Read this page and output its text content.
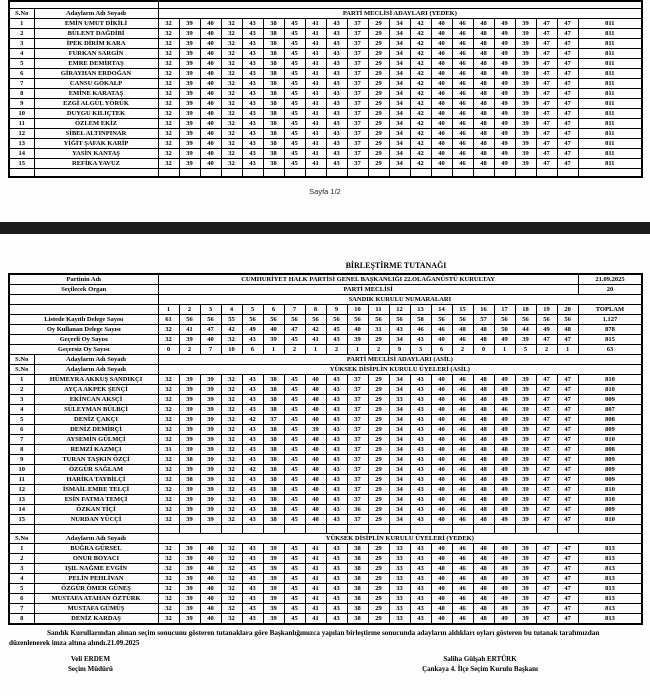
S.No	Adayların Adı Soyadı	PARTİ MECLİSİ ADAYLARI (YEDEK)																				
1	EMİN UMUT DİKİLİ	32	39	40	32	43	38	45	41	43	37	29	34	42	40	46	48	49	39	47	47	811
2	BÜLENT DAĞDİBİ	32	39	40	32	43	38	45	41	43	37	29	34	42	40	46	48	49	39	47	47	811
3	İPEK DİRİM KARA	32	39	40	32	43	38	45	41	43	37	29	34	42	40	46	48	49	39	47	47	811
4	FURKAN SARGİN	32	39	40	32	43	38	45	41	43	37	29	34	42	40	46	48	49	39	47	47	811
5	EMRE DEMİRTAŞ	32	39	40	32	43	38	45	41	43	37	29	34	42	40	46	48	49	39	47	47	811
6	GİRAYHAN ERDOĞAN	32	39	40	32	43	38	45	41	43	37	29	34	42	40	46	48	49	39	47	47	811
7	CANSU GÖKALP	32	39	40	32	43	38	45	41	43	37	29	34	42	40	46	48	49	39	47	47	811
8	EMİNE KARATAŞ	32	39	40	32	43	38	45	41	43	37	29	34	42	40	46	48	49	39	47	47	811
9	EZGİ ALGÜL YÖRÜK	32	39	40	32	43	38	45	41	43	37	29	34	42	40	46	48	49	39	47	47	811
10	DUYGU KILIÇTEK	32	39	40	32	43	38	45	41	43	37	29	34	42	40	46	48	49	39	47	47	811
11	ÖZLEM EKİZ	32	39	40	32	43	38	45	41	43	37	29	34	42	40	46	48	49	39	47	47	811
12	SİBEL ALTINPINAR	32	39	40	32	43	38	45	41	43	37	29	34	42	40	46	48	49	39	47	47	811
13	YİĞİT ŞAFAK KARİP	32	39	40	32	43	38	45	41	43	37	29	34	42	40	46	48	49	39	47	47	811
14	YASİN KANTAŞ	32	39	40	32	43	38	45	41	43	37	29	34	42	40	46	48	49	39	47	47	811
15	REFİKA YAVUZ	32	39	40	32	43	38	45	41	43	37	29	34	42	40	46	48	49	39	47	47	811

Sayfa 1/2
BİRLEŞTİRME TUTANAĞI
Partinin Adı		CUMHURİYET HALK PARTİSİ GENEL BAŞKANLIĞI 22.OLAĞANÜSTÜ KURULTAY																				21.09.2025
Seçilecek Organ		PARTİ MECLİSİ																				20
		SANDIK KURULU NUMARALARI																				
		1	2	3	4	5	6	7	8	9	10	11	12	13	14	15	16	17	18	19	20	TOPLAM
Listede Kayıtlı Delege Sayısı		61	56	56	55	56	56	56	56	56	56	56	56	58	56	56	57	56	56	56	56	1.127
Oy Kullanan Delege Sayısı		32	41	47	42	49	40	47	42	45	40	31	43	46	46	48	48	50	44	49	48	878
Geçerli Oy Sayısı		32	39	40	32	43	39	45	41	43	39	29	34	43	40	46	48	49	39	47	47	815
Geçersiz Oy Sayısı		0	2	7	10	6	1	2	1	2	1	2	9	3	6	2	0	1	5	2	1	63
S.No	Adayların Adı Soyadı	PARTİ MECLİSİ ADAYLARI (ASİL)																				
S.No	Adayların Adı Soyadı	YÜKSEK DİSİPLİN KURULU ÜYELERİ (ASİL)																				
1	HÜMEYRA AKKUŞ SANDIKÇI	32	39	39	32	43	38	45	40	43	37	29	34	43	40	46	48	49	39	47	47	810
2	AYÇA AKPEK ŞENÇİ	32	39	39	32	43	38	45	40	43	37	29	34	43	40	46	48	49	39	47	47	810
3	EKİNCAN AKSÇİ	32	39	39	32	43	38	45	40	43	37	29	33	43	40	46	48	49	39	47	47	809
4	SÜLEYMAN BÜLBÇİ	32	39	39	32	43	38	45	40	43	37	29	34	43	40	46	48	46	39	47	47	807
5	DENİZ ÇAKÇI	32	39	39	32	42	37	45	40	43	37	29	34	43	40	46	48	49	39	47	47	808
6	DENİZ DEMİRÇİ	32	39	39	32	43	38	45	39	43	37	29	34	43	40	46	48	49	39	47	47	809
7	AYSEMİN GÜLMÇİ	32	39	39	32	43	38	45	40	43	37	29	34	43	40	46	48	49	39	47	47	810
8	REMZİ KAZMÇI	31	39	39	32	43	38	45	40	43	37	29	34	43	40	46	48	48	39	47	47	808
9	TURAN TAŞKIN ÖZÇİ	32	38	39	32	43	38	45	40	43	37	29	34	43	40	46	48	49	39	47	47	809
10	ÖZGÜR SAĞLAM	32	39	39	32	42	38	45	40	43	37	29	34	43	40	46	48	49	39	47	47	809
11	HARİKA TAYBİLÇİ	32	38	39	32	43	38	45	40	43	37	29	34	43	40	46	48	49	39	47	47	809
12	İSMAİL EMRE TELÇİ	32	39	39	32	43	38	45	40	43	37	29	34	43	40	46	48	49	39	47	47	810
13	ESİN FATMA TEMÇİ	32	39	39	32	43	38	45	40	43	37	29	34	43	40	46	48	49	39	47	47	810
14	ÖZKAN TİÇİ	32	39	39	32	43	38	45	40	43	36	29	34	43	40	46	48	49	39	47	47	809
15	NURDAN YÜCÇİ	32	39	39	32	43	38	45	40	43	37	29	34	43	40	46	48	49	39	47	47	810

S.No	Adayların Adı Soyadı	YÜKSEK DİSİPLİN KURULU ÜYELERİ (YEDEK)																				
1	BUĞRA GÜRSEL	32	39	40	32	43	39	45	41	43	38	29	33	43	40	46	48	49	39	47	47	813
2	ONUR BOYACI	32	39	40	32	43	39	45	41	43	38	29	33	43	40	46	48	49	39	47	47	813
3	IŞIL NAĞME EVGİN	32	39	40	32	43	39	45	41	43	38	29	33	43	40	46	48	49	39	47	47	813
4	PELİN PEHLİVAN	32	39	40	32	43	39	45	41	43	38	29	33	43	40	46	48	49	39	47	47	813
5	ÖZGÜR ÖMER GÜNEŞ	32	39	40	32	43	39	45	41	43	38	29	33	43	40	46	48	49	39	47	47	813
6	MUSTAFA ATAHAN ÖZTÜRK	32	39	40	32	43	39	45	41	43	38	29	33	43	40	46	48	49	39	47	47	813
7	MUSTAFA GÜMÜŞ	32	39	40	32	43	39	45	41	43	38	29	33	43	40	46	48	49	39	47	47	813
8	DENİZ KARDAŞ	32	39	40	32	43	39	45	41	43	38	29	33	43	40	46	48	49	39	47	47	813
Sandık Kurullarından alınan seçim sonucunu gösteren tutanaklara göre Başkanlığımızca yapılan birleştirme sonucunda adayların aldıkları oyları gösteren bu tutanak tarafımızdan düzenlenerek imza altına alındı.21.09.2025
Veli ERDEM
Seçim Müdürü
Saliha Gülşah ERTÜRK
Çankaya 4. İlçe Seçim Kurulu Başkanı
